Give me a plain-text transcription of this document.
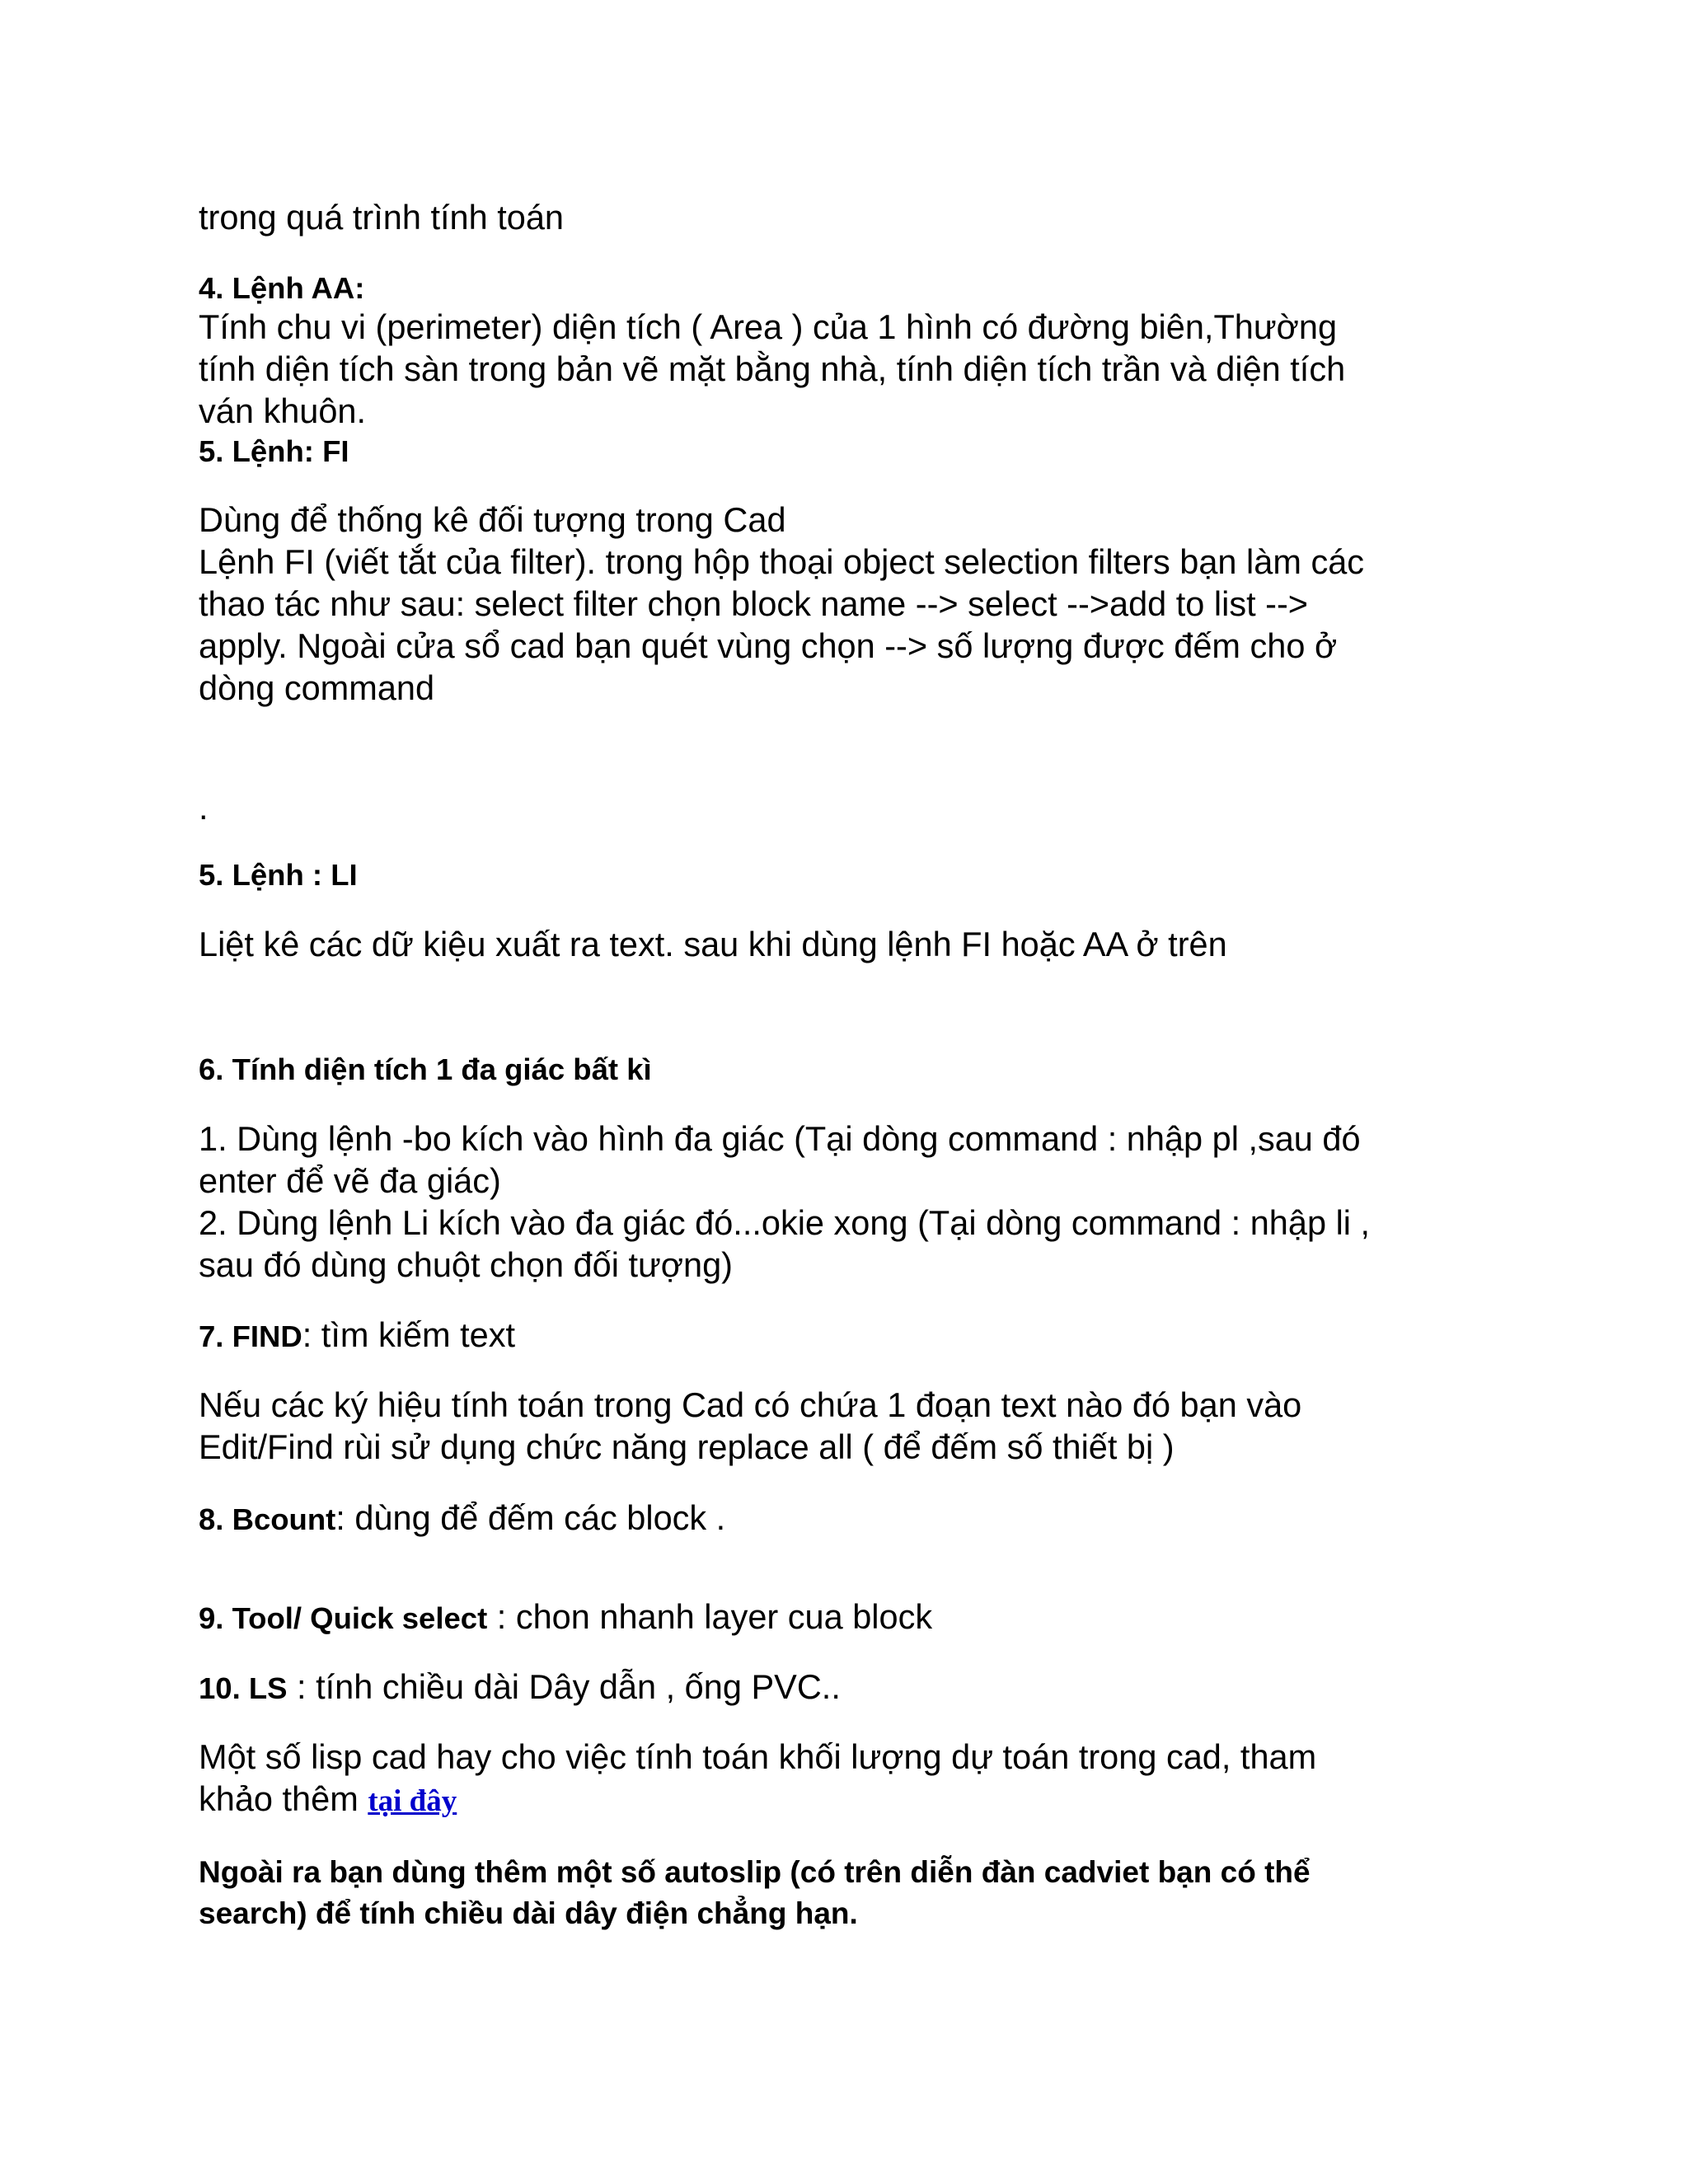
trong quá trình tính toán
4. Lệnh AA:
Tính chu vi (perimeter) diện tích ( Area ) của 1 hình có đường biên,Thường
tính diện tích sàn trong bản vẽ mặt bằng nhà, tính diện tích trần và diện tích
ván khuôn.
5. Lệnh: FI
Dùng để thống kê đối tượng trong Cad
Lệnh FI (viết tắt của filter). trong hộp thoại object selection filters bạn làm các
thao tác như sau: select filter chọn block name --> select -->add to list -->
apply. Ngoài cửa sổ cad bạn quét vùng chọn --> số lượng được đếm cho ở
dòng command
.
5. Lệnh : LI
Liệt kê các dữ kiệu xuất ra text. sau khi dùng lệnh FI hoặc AA ở trên
6. Tính diện tích 1 đa giác bất kì
1. Dùng lệnh -bo kích vào hình đa giác (Tại dòng command : nhập pl ,sau đó
enter để vẽ đa giác)
2. Dùng lệnh Li kích vào đa giác đó...okie xong (Tại dòng command : nhập li ,
sau đó dùng chuột chọn đối tượng)
7. FIND: tìm kiếm text
Nếu các ký hiệu tính toán trong Cad có chứa 1 đoạn text nào đó bạn vào
Edit/Find rùi sử dụng chức năng replace all ( để đếm số thiết bị )
8. Bcount: dùng để đếm các block .
9. Tool/ Quick select : chon nhanh layer cua block
10. LS : tính chiều dài Dây dẫn , ống PVC..
Một số lisp cad hay cho việc tính toán khối lượng dự toán trong cad, tham
khảo thêm tại đây
Ngoài ra bạn dùng thêm một số autoslip (có trên diễn đàn cadviet bạn có thể
search) để tính chiều dài dây điện chẳng hạn.
